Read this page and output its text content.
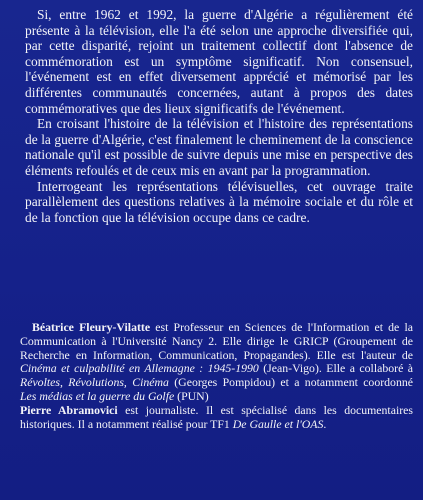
Si, entre 1962 et 1992, la guerre d'Algérie a régulièrement été présente à la télévision, elle l'a été selon une approche diversifiée qui, par cette disparité, rejoint un traitement collectif dont l'absence de commémoration est un symptôme significatif. Non consensuel, l'événement est en effet diversement apprécié et mémorisé par les différentes communautés concernées, autant à propos des dates commémoratives que des lieux significatifs de l'événement.

En croisant l'histoire de la télévision et l'histoire des représentations de la guerre d'Algérie, c'est finalement le cheminement de la conscience nationale qu'il est possible de suivre depuis une mise en perspective des éléments refoulés et de ceux mis en avant par la programmation.

Interrogeant les représentations télévisuelles, cet ouvrage traite parallèlement des questions relatives à la mémoire sociale et du rôle et de la fonction que la télévision occupe dans ce cadre.

Béatrice Fleury-Vilatte est Professeur en Sciences de l'Information et de la Communication à l'Université Nancy 2. Elle dirige le GRICP (Groupement de Recherche en Information, Communication, Propagandes). Elle est l'auteur de Cinéma et culpabilité en Allemagne : 1945-1990 (Jean-Vigo). Elle a collaboré à Révoltes, Révolutions, Cinéma (Georges Pompidou) et a notamment coordonné Les médias et la guerre du Golfe (PUN)

Pierre Abramovici est journaliste. Il est spécialisé dans les documentaires historiques. Il a notamment réalisé pour TF1 De Gaulle et l'OAS.
